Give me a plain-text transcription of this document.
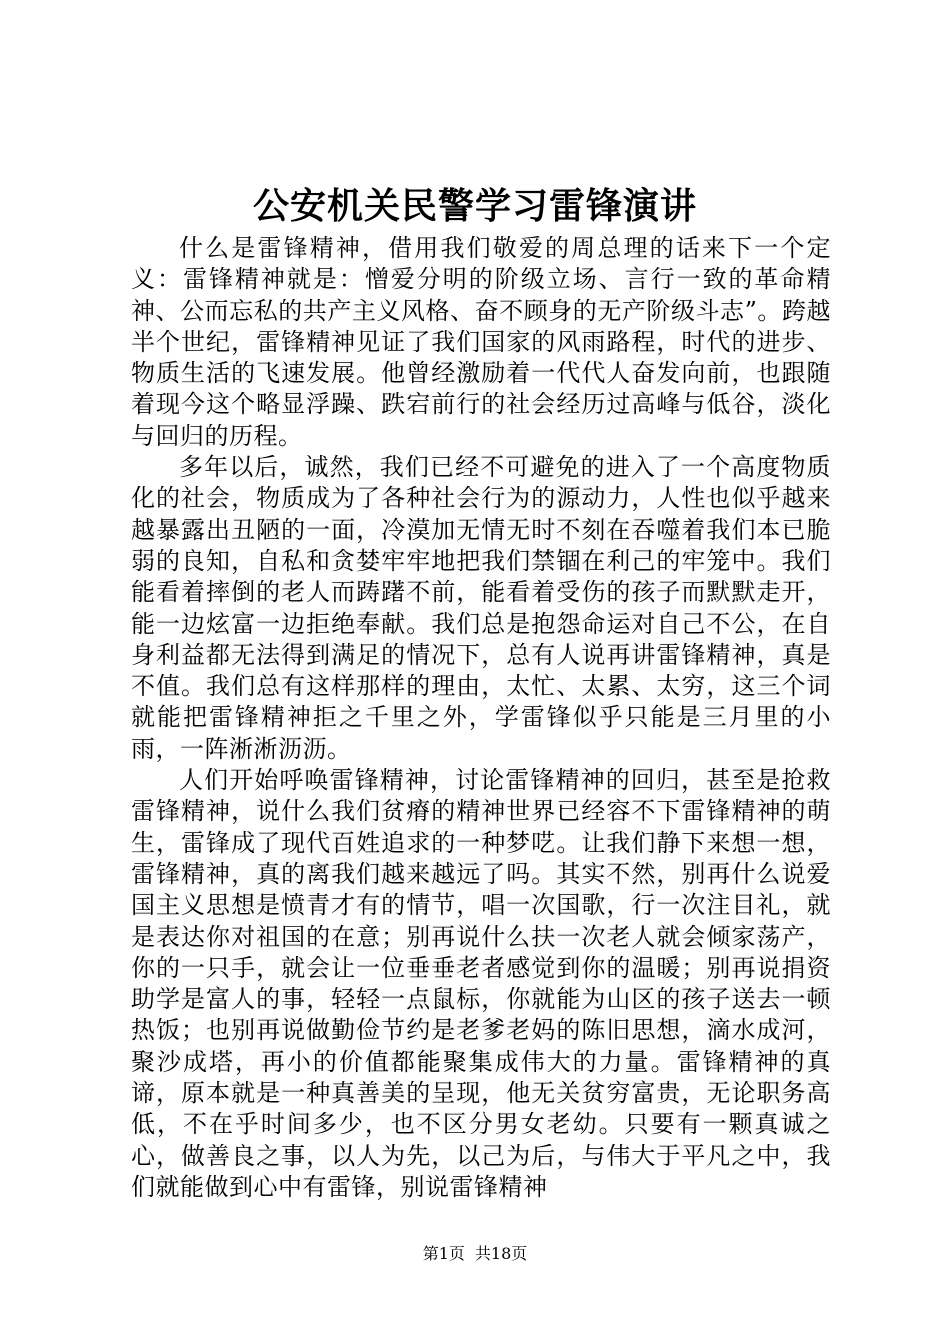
公安机关民警学习雷锋演讲

什么是雷锋精神，借用我们敬爱的周总理的话来下一个定义：雷锋精神就是：憎爱分明的阶级立场、言行一致的革命精神、公而忘私的共产主义风格、奋不顾身的无产阶级斗志”。跨越半个世纪，雷锋精神见证了我们国家的风雨路程，时代的进步、物质生活的飞速发展。他曾经激励着一代代人奋发向前，也跟随着现今这个略显浮躁、跌宕前行的社会经历过高峰与低谷，淡化与回归的历程。

多年以后，诚然，我们已经不可避免的进入了一个高度物质化的社会，物质成为了各种社会行为的源动力，人性也似乎越来越暴露出丑陋的一面，冷漠加无情无时不刻在吞噬着我们本已脆弱的良知，自私和贪婪牢牢地把我们禁锢在利己的牢笼中。我们能看着摔倒的老人而踌躇不前，能看着受伤的孩子而默默走开，能一边炫富一边拒绝奉献。我们总是抱怨命运对自己不公，在自身利益都无法得到满足的情况下，总有人说再讲雷锋精神，真是不值。我们总有这样那样的理由，太忙、太累、太穷，这三个词就能把雷锋精神拒之千里之外，学雷锋似乎只能是三月里的小雨，一阵淅淅沥沥。

人们开始呼唤雷锋精神，讨论雷锋精神的回归，甚至是抢救雷锋精神，说什么我们贫瘠的精神世界已经容不下雷锋精神的萌生，雷锋成了现代百姓追求的一种梦呓。让我们静下来想一想，雷锋精神，真的离我们越来越远了吗。其实不然，别再什么说爱国主义思想是愤青才有的情节，唱一次国歌，行一次注目礼，就是表达你对祖国的在意；别再说什么扶一次老人就会倾家荡产，你的一只手，就会让一位垂垂老者感觉到你的温暖；别再说捐资助学是富人的事，轻轻一点鼠标，你就能为山区的孩子送去一顿热饭；也别再说做勤俭节约是老爹老妈的陈旧思想，滴水成河，聚沙成塔，再小的价值都能聚集成伟大的力量。雷锋精神的真谛，原本就是一种真善美的呈现，他无关贫穷富贵，无论职务高低，不在乎时间多少，也不区分男女老幼。只要有一颗真诚之心，做善良之事，以人为先，以己为后，与伟大于平凡之中，我们就能做到心中有雷锋，别说雷锋精神

第1页 共18页
